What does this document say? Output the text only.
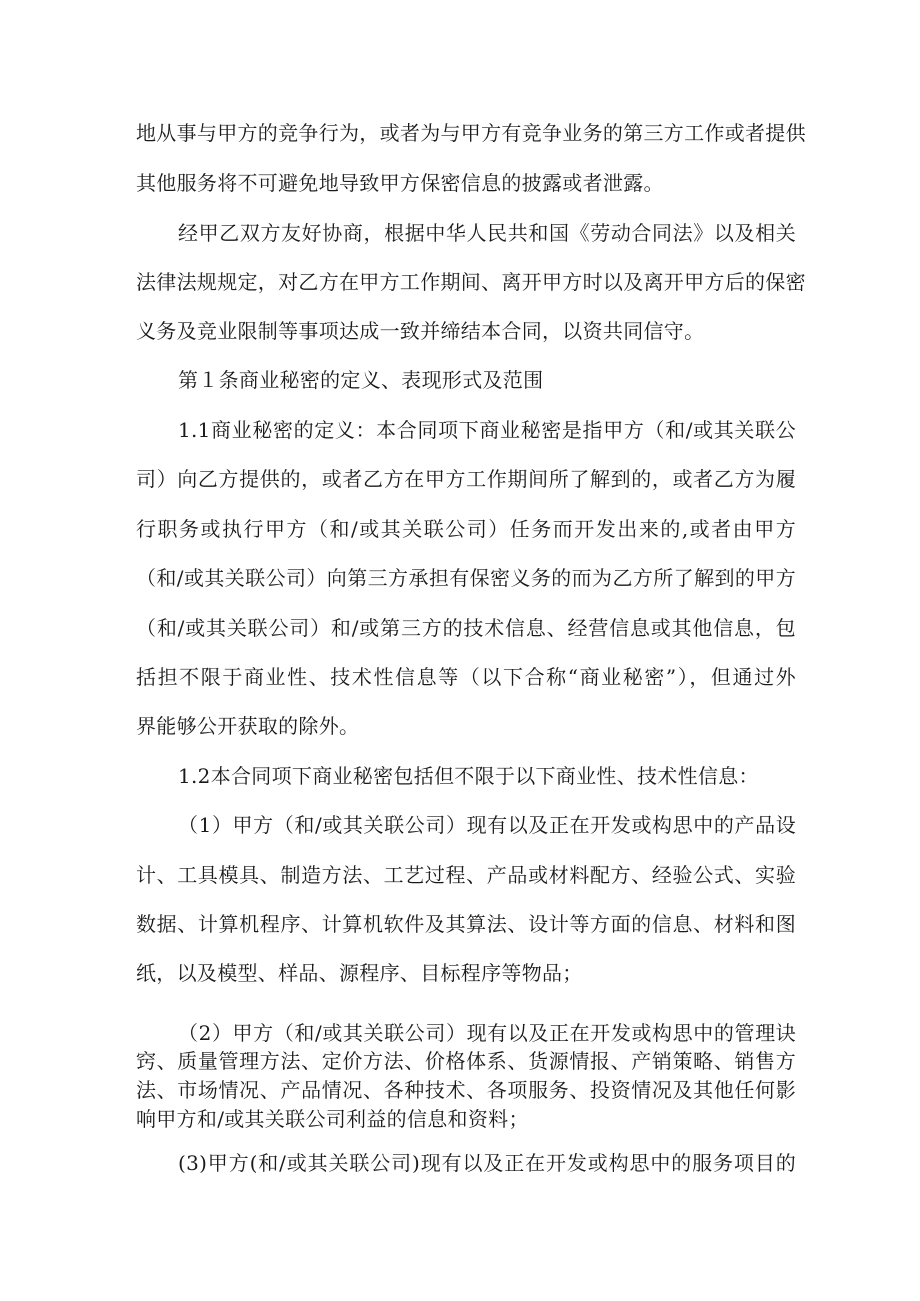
地从事与甲方的竞争行为，或者为与甲方有竞争业务的第三方工作或者提供
其他服务将不可避免地导致甲方保密信息的披露或者泄露。
经甲乙双方友好协商，根据中华人民共和国《劳动合同法》以及相关
法律法规规定，对乙方在甲方工作期间、离开甲方时以及离开甲方后的保密
义务及竞业限制等事项达成一致并缔结本合同，以资共同信守。
第１条商业秘密的定义、表现形式及范围
1.1商业秘密的定义：本合同项下商业秘密是指甲方（和/或其关联公
司）向乙方提供的，或者乙方在甲方工作期间所了解到的，或者乙方为履
行职务或执行甲方（和/或其关联公司）任务而开发出来的,或者由甲方
（和/或其关联公司）向第三方承担有保密义务的而为乙方所了解到的甲方
（和/或其关联公司）和/或第三方的技术信息、经营信息或其他信息，包
括担不限于商业性、技术性信息等（以下合称“商业秘密”），但通过外
界能够公开获取的除外。
1.2本合同项下商业秘密包括但不限于以下商业性、技术性信息：
（1）甲方（和/或其关联公司）现有以及正在开发或构思中的产品设
计、工具模具、制造方法、工艺过程、产品或材料配方、经验公式、实验
数据、计算机程序、计算机软件及其算法、设计等方面的信息、材料和图
纸，以及模型、样品、源程序、目标程序等物品；
（2）甲方（和/或其关联公司）现有以及正在开发或构思中的管理诀
窍、质量管理方法、定价方法、价格体系、货源情报、产销策略、销售方
法、市场情况、产品情况、各种技术、各项服务、投资情况及其他任何影
响甲方和/或其关联公司利益的信息和资料；
(3)甲方(和/或其关联公司)现有以及正在开发或构思中的服务项目的
